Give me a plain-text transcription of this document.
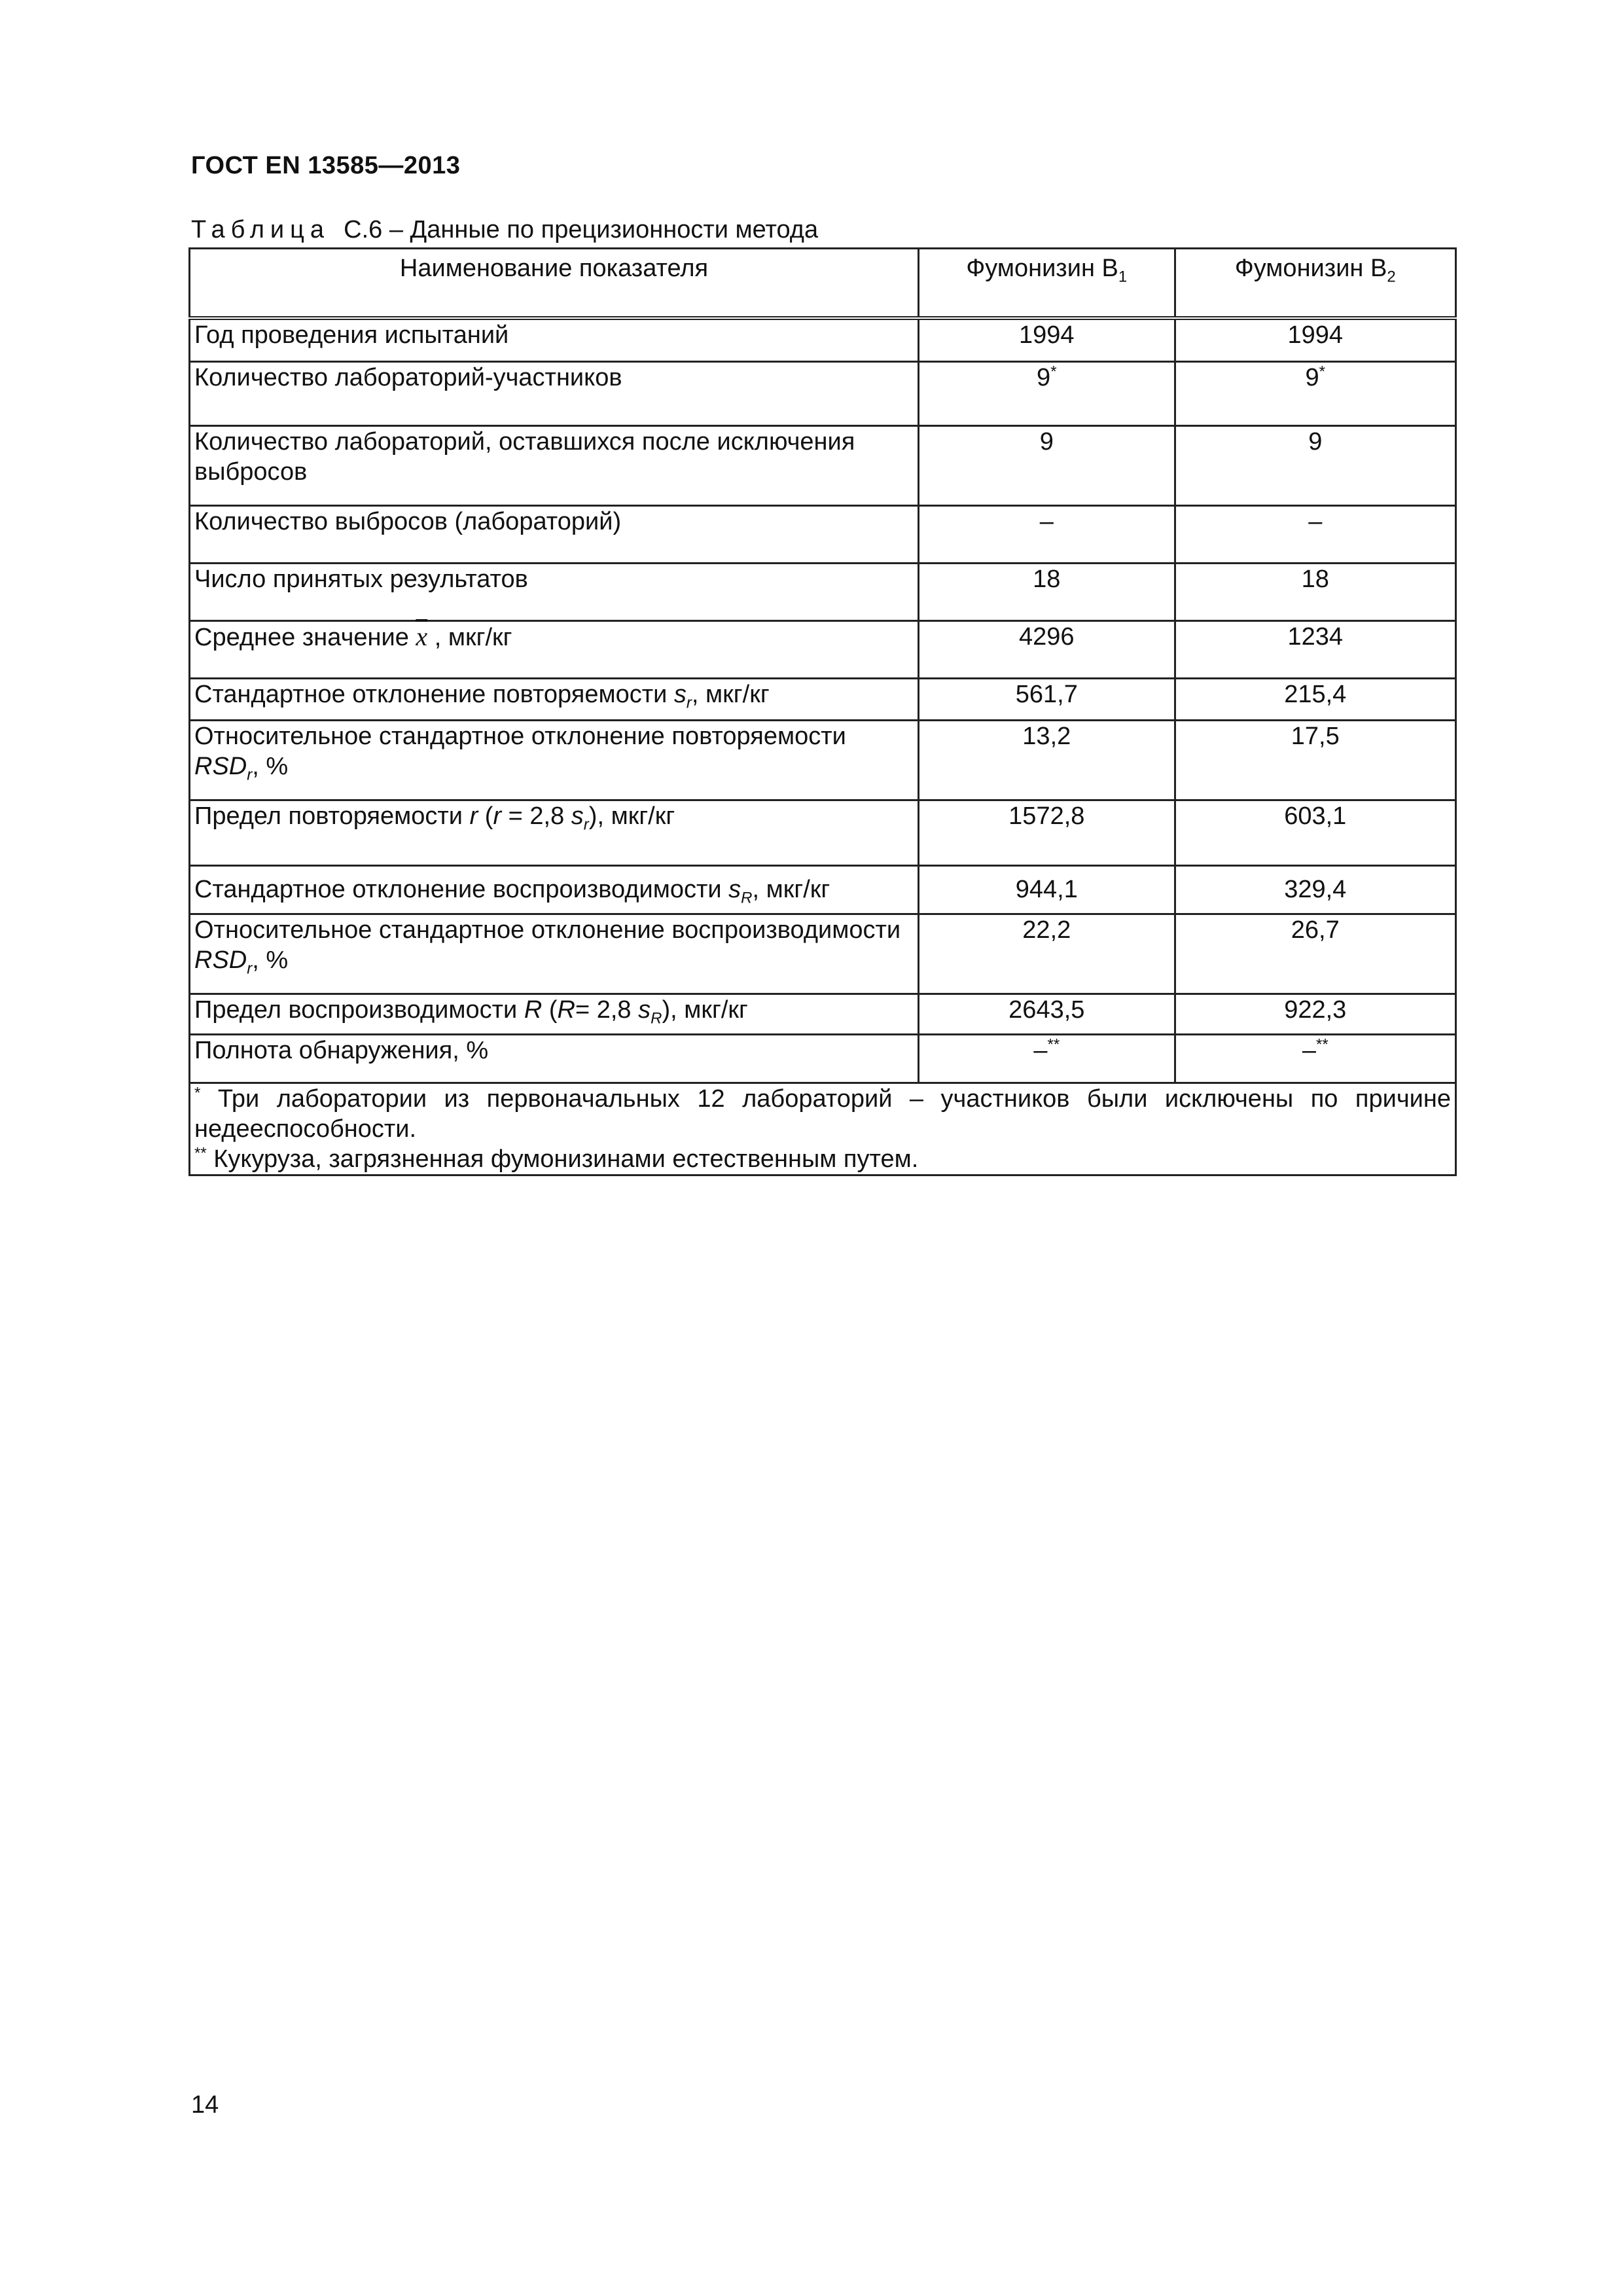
ГОСТ EN 13585—2013
Таблица С.6 – Данные по прецизионности метода
Наименование показателя	Фумонизин $B_1$	Фумонизин $B_2$
Год проведения испытаний	1994	1994
Количество лабораторий-участников	9*	9*
Количество лабораторий, оставшихся после исключения выбросов	9	9
Количество выбросов (лабораторий)	–	–
Число принятых результатов	18	18
Среднее значение $\overline{x}$ , мкг/кг	4296	1234
Стандартное отклонение повторяемости $s_r$, мкг/кг	561,7	215,4
Относительное стандартное отклонение повторяемости $RSD_r$, %	13,2	17,5
Предел повторяемости r (r = 2,8 $s_r$), мкг/кг	1572,8	603,1
Стандартное отклонение воспроизводимости $s_R$, мкг/кг	944,1	329,4
Относительное стандартное отклонение воспроизводимости $RSD_r$, %	22,2	26,7
Предел воспроизводимости R (R= 2,8 $s_R$), мкг/кг	2643,5	922,3
Полнота обнаружения, %	–**	–**

* Три лаборатории из первоначальных 12 лабораторий – участников были исключены по причине недееспособности.
** Кукуруза, загрязненная фумонизинами естественным путем.		
14
